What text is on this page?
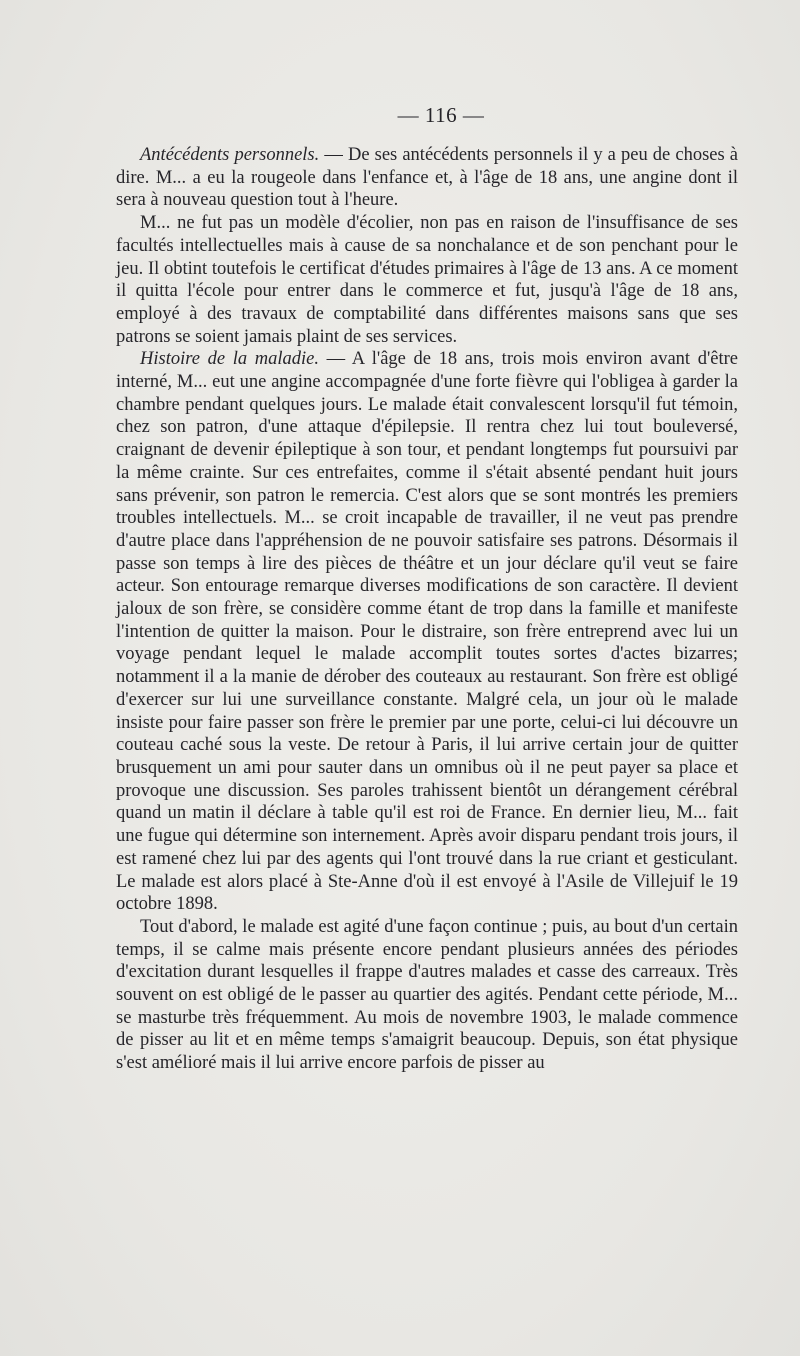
— 116 —

Antécédents personnels. — De ses antécédents personnels il y a peu de choses à dire. M... a eu la rougeole dans l'enfance et, à l'âge de 18 ans, une angine dont il sera à nouveau question tout à l'heure.

M... ne fut pas un modèle d'écolier, non pas en raison de l'insuffisance de ses facultés intellectuelles mais à cause de sa nonchalance et de son penchant pour le jeu. Il obtint toutefois le certificat d'études primaires à l'âge de 13 ans. A ce moment il quitta l'école pour entrer dans le commerce et fut, jusqu'à l'âge de 18 ans, employé à des travaux de comptabilité dans différentes maisons sans que ses patrons se soient jamais plaint de ses services.

Histoire de la maladie. — A l'âge de 18 ans, trois mois environ avant d'être interné, M... eut une angine accompagnée d'une forte fièvre qui l'obligea à garder la chambre pendant quelques jours. Le malade était convalescent lorsqu'il fut témoin, chez son patron, d'une attaque d'épilepsie. Il rentra chez lui tout bouleversé, craignant de devenir épileptique à son tour, et pendant longtemps fut poursuivi par la même crainte. Sur ces entrefaites, comme il s'était absenté pendant huit jours sans prévenir, son patron le remercia. C'est alors que se sont montrés les premiers troubles intellectuels. M... se croit incapable de travailler, il ne veut pas prendre d'autre place dans l'appréhension de ne pouvoir satisfaire ses patrons. Désormais il passe son temps à lire des pièces de théâtre et un jour déclare qu'il veut se faire acteur. Son entourage remarque diverses modifications de son caractère. Il devient jaloux de son frère, se considère comme étant de trop dans la famille et manifeste l'intention de quitter la maison. Pour le distraire, son frère entreprend avec lui un voyage pendant lequel le malade accomplit toutes sortes d'actes bizarres; notamment il a la manie de dérober des couteaux au restaurant. Son frère est obligé d'exercer sur lui une surveillance constante. Malgré cela, un jour où le malade insiste pour faire passer son frère le premier par une porte, celui-ci lui découvre un couteau caché sous la veste. De retour à Paris, il lui arrive certain jour de quitter brusquement un ami pour sauter dans un omnibus où il ne peut payer sa place et provoque une discussion. Ses paroles trahissent bientôt un dérangement cérébral quand un matin il déclare à table qu'il est roi de France. En dernier lieu, M... fait une fugue qui détermine son internement. Après avoir disparu pendant trois jours, il est ramené chez lui par des agents qui l'ont trouvé dans la rue criant et gesticulant. Le malade est alors placé à Ste-Anne d'où il est envoyé à l'Asile de Villejuif le 19 octobre 1898.

Tout d'abord, le malade est agité d'une façon continue ; puis, au bout d'un certain temps, il se calme mais présente encore pendant plusieurs années des périodes d'excitation durant lesquelles il frappe d'autres malades et casse des carreaux. Très souvent on est obligé de le passer au quartier des agités. Pendant cette période, M... se masturbe très fréquemment. Au mois de novembre 1903, le malade commence de pisser au lit et en même temps s'amaigrit beaucoup. Depuis, son état physique s'est amélioré mais il lui arrive encore parfois de pisser au
